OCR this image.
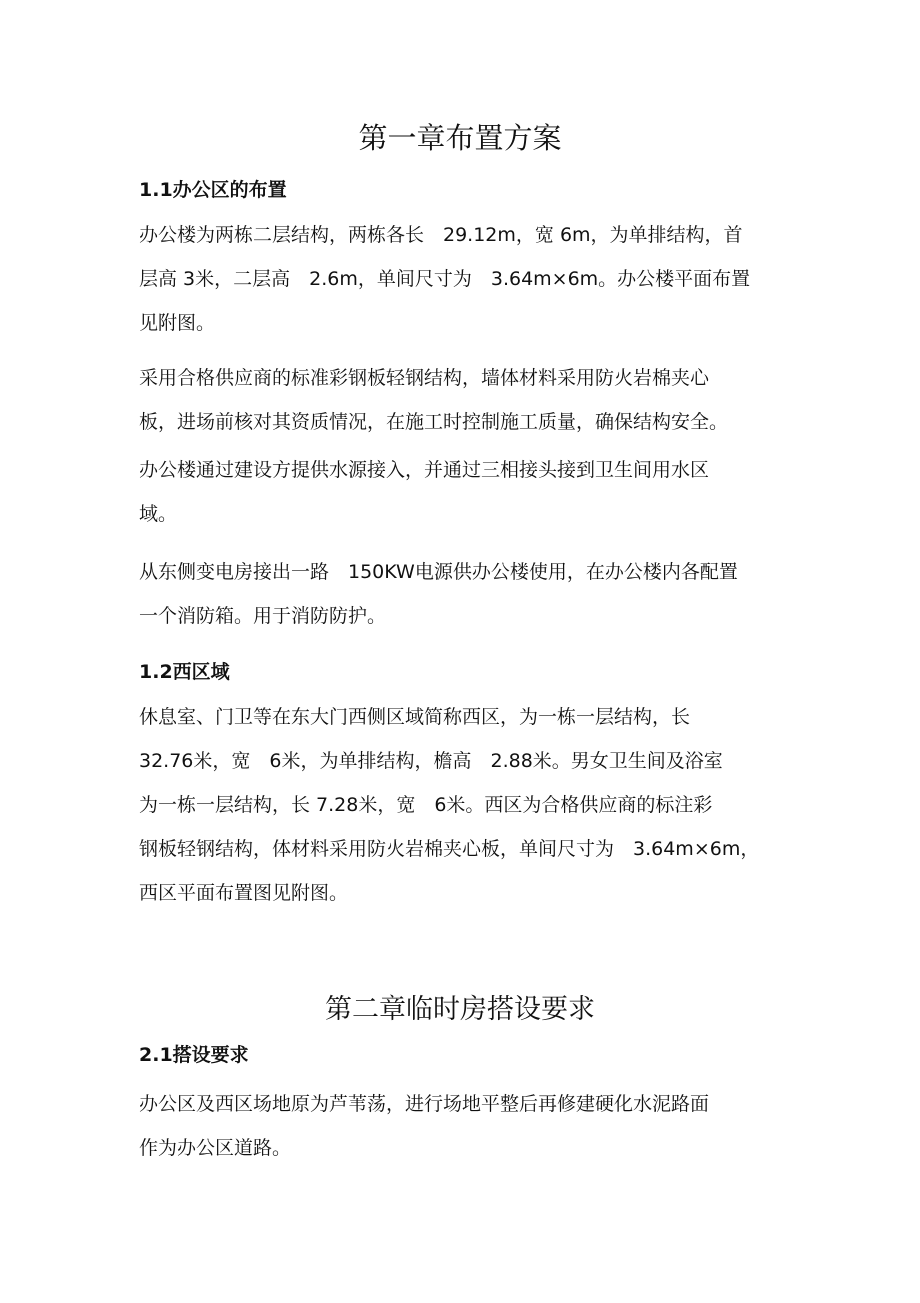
第一章布置方案
1.1办公区的布置

办公楼为两栋二层结构，两栋各长　29.12m，宽 6m，为单排结构，首
层高 3米，二层高　2.6m，单间尺寸为　3.64m×6m。办公楼平面布置
见附图。

采用合格供应商的标准彩钢板轻钢结构，墙体材料采用防火岩棉夹心
板，进场前核对其资质情况，在施工时控制施工质量，确保结构安全。

办公楼通过建设方提供水源接入，并通过三相接头接到卫生间用水区
域。

从东侧变电房接出一路　150KW电源供办公楼使用，在办公楼内各配置
一个消防箱。用于消防防护。

1.2西区域

休息室、门卫等在东大门西侧区域简称西区，为一栋一层结构，长
32.76米，宽　6米，为单排结构，檐高　2.88米。男女卫生间及浴室
为一栋一层结构，长 7.28米，宽　6米。西区为合格供应商的标注彩
钢板轻钢结构，体材料采用防火岩棉夹心板，单间尺寸为　3.64m×6m，
西区平面布置图见附图。

第二章临时房搭设要求
2.1搭设要求

办公区及西区场地原为芦苇荡，进行场地平整后再修建硬化水泥路面
作为办公区道路。
